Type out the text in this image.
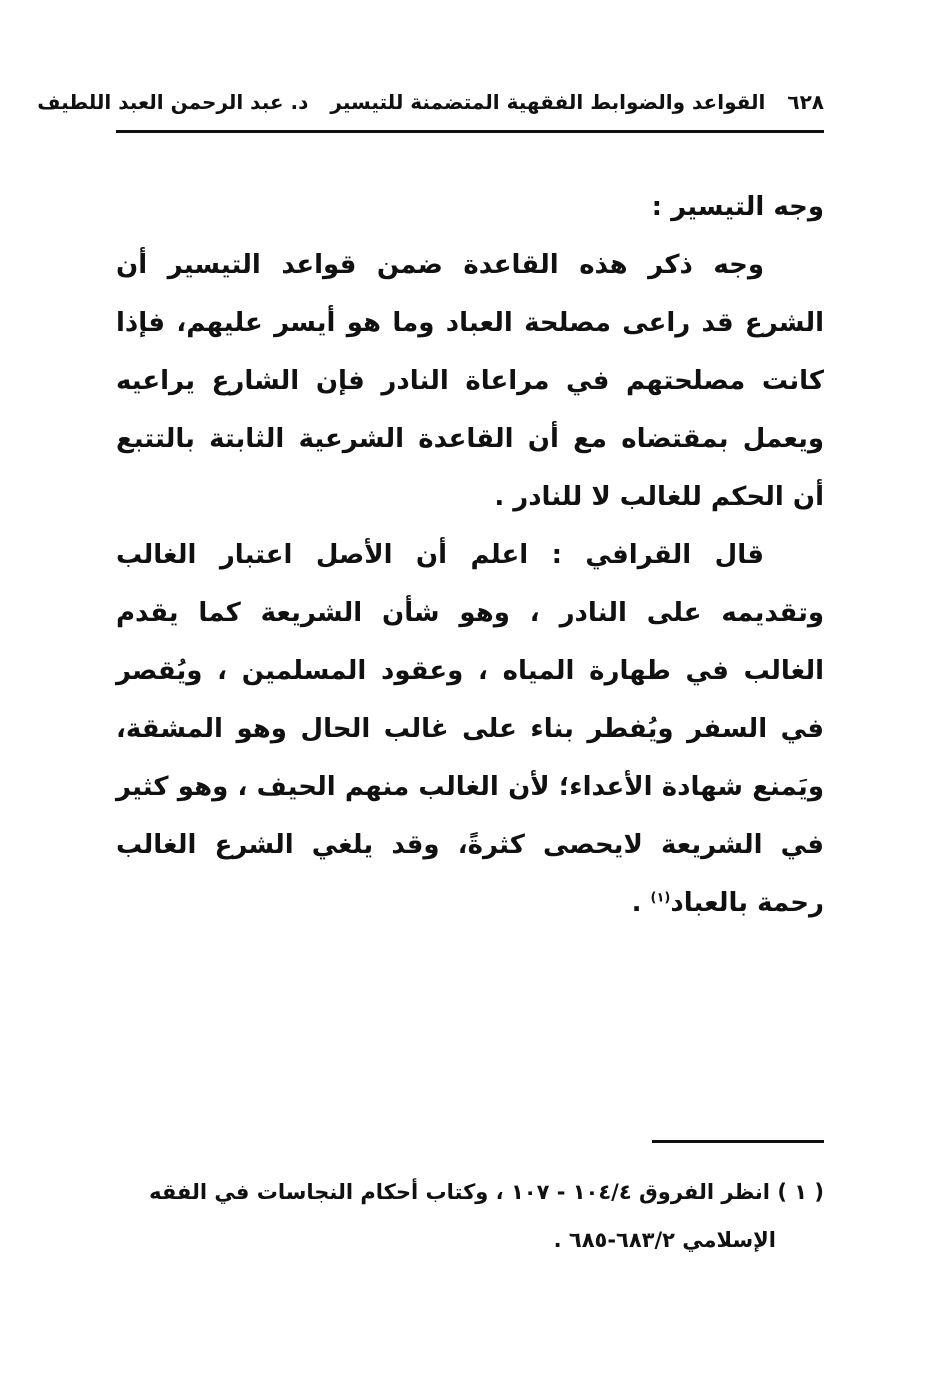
٦٢٨
القواعد والضوابط الفقهية المتضمنة للتيسير
د. عبد الرحمن العبد اللطيف

وجه التيسير :

وجه ذكر هذه القاعدة ضمن قواعد التيسير أن الشرع قد راعى مصلحة العباد وما هو أيسر عليهم، فإذا كانت مصلحتهم في مراعاة النادر فإن الشارع يراعيه ويعمل بمقتضاه مع أن القاعدة الشرعية الثابتة بالتتبع أن الحكم للغالب لا للنادر .

قال القرافي : اعلم أن الأصل اعتبار الغالب وتقديمه على النادر ، وهو شأن الشريعة كما يقدم الغالب في طهارة المياه ، وعقود المسلمين ، ويُقصر في السفر ويُفطر بناء على غالب الحال وهو المشقة، ويَمنع شهادة الأعداء؛ لأن الغالب منهم الحيف ، وهو كثير في الشريعة لايحصى كثرةً، وقد يلغي الشرع الغالب رحمة بالعباد$^{(١)}$ .

( ١ ) انظر الفروق ١٠٤/٤ - ١٠٧ ، وكتاب أحكام النجاسات في الفقه
الإسلامي ٦٨٣/٢-٦٨٥ .
